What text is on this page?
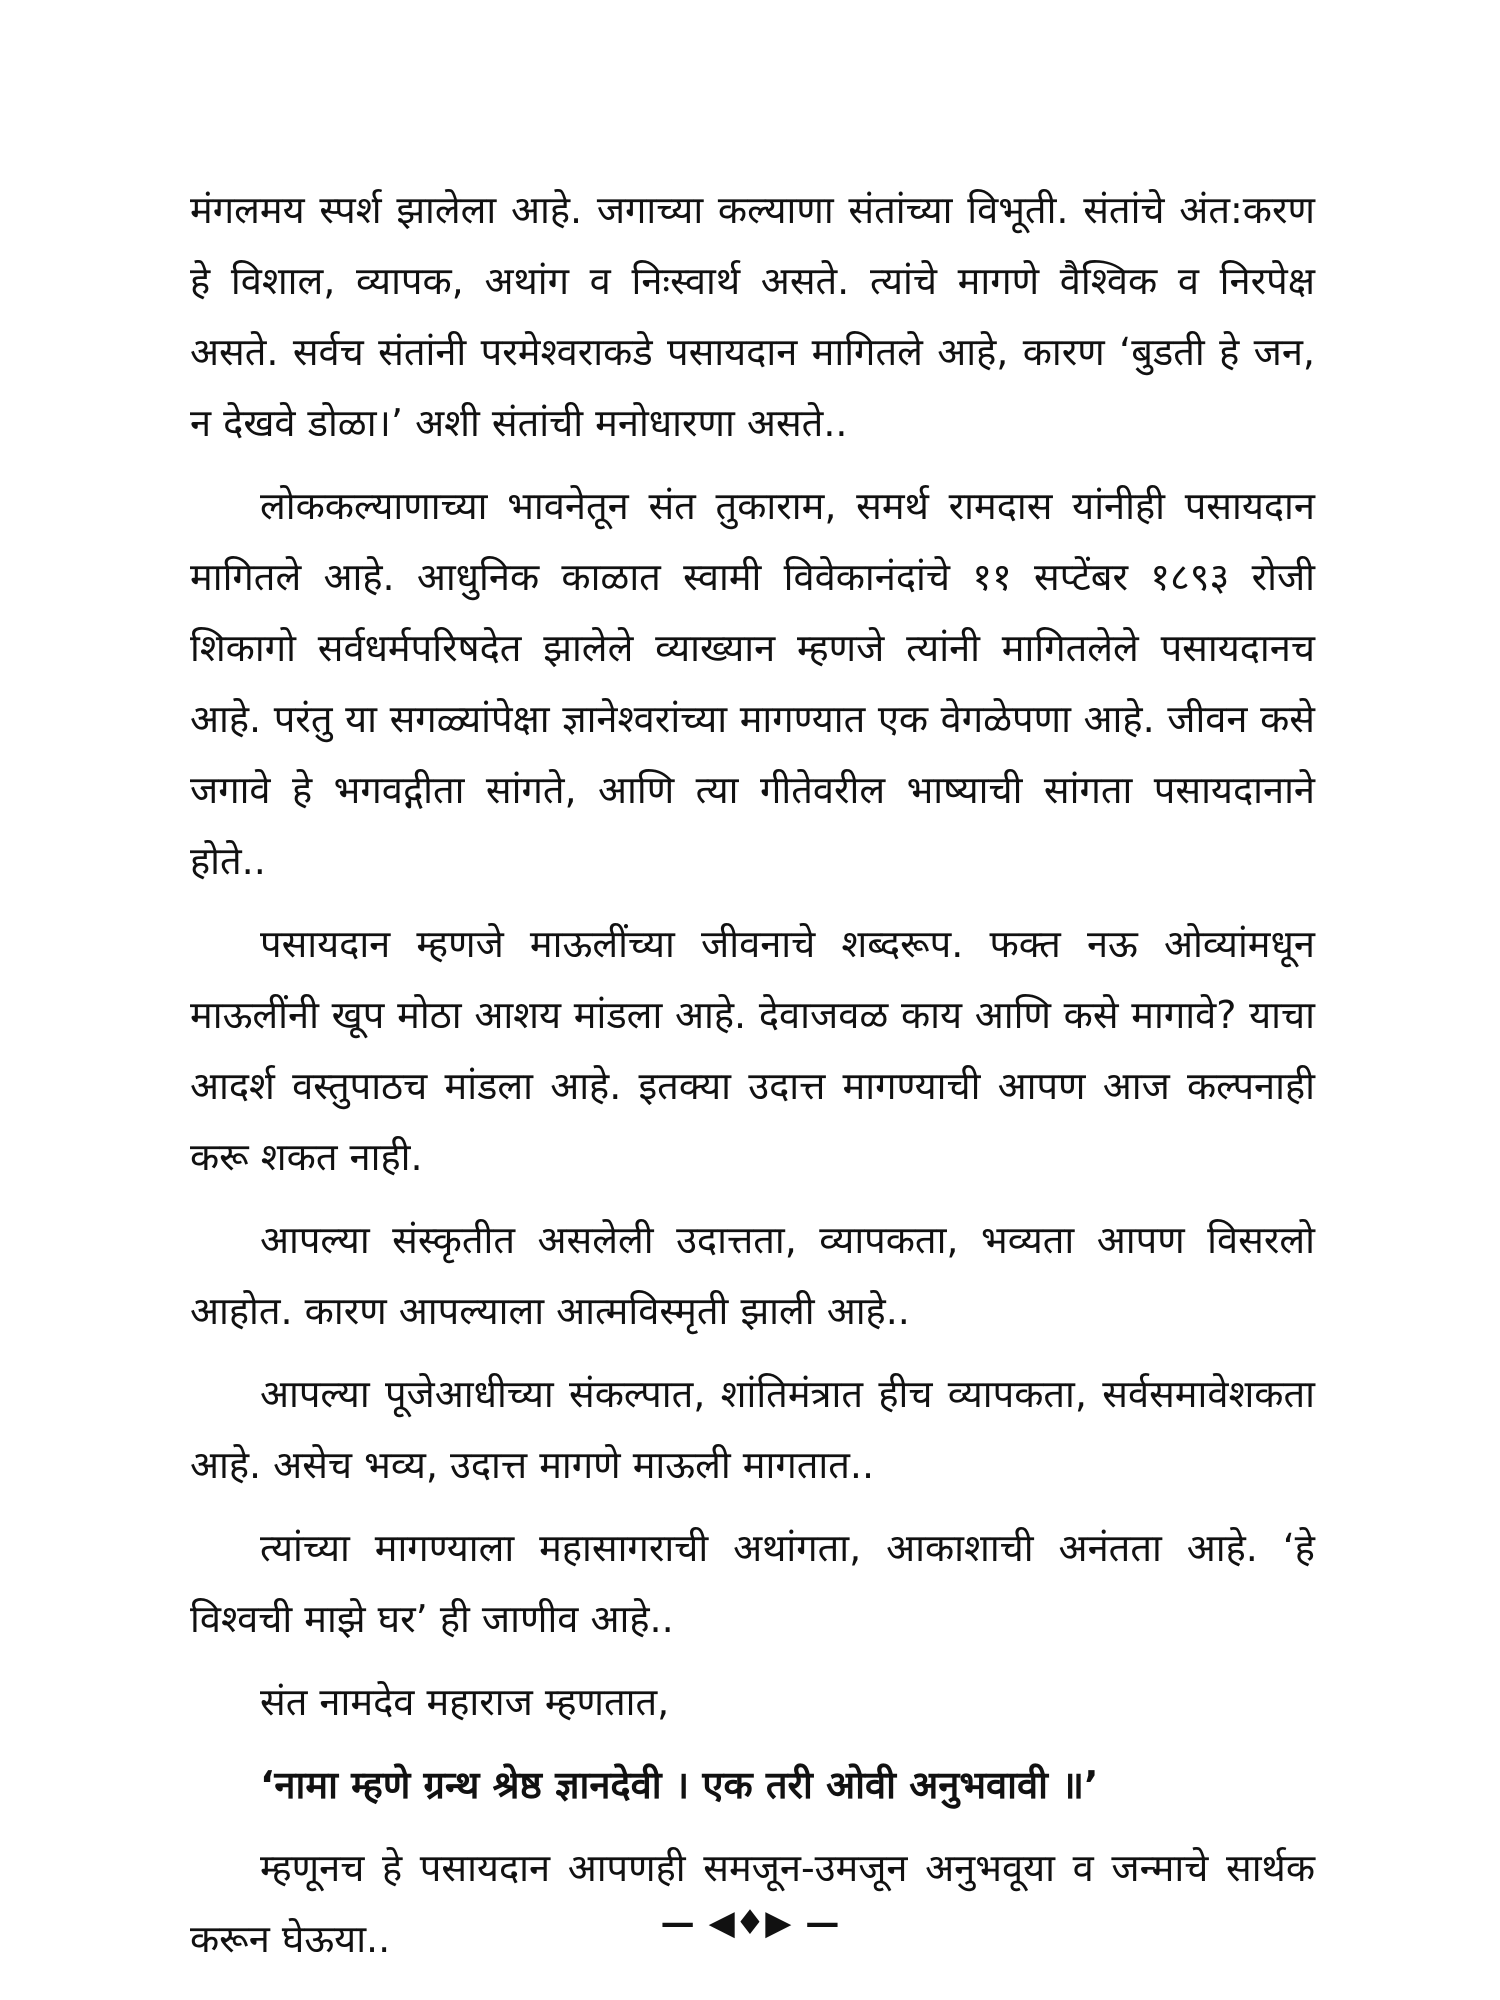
मंगलमय स्पर्श झालेला आहे. जगाच्या कल्याणा संतांच्या विभूती. संतांचे अंत:करण हे विशाल, व्यापक, अथांग व निःस्वार्थ असते. त्यांचे मागणे वैश्विक व निरपेक्ष असते. सर्वच संतांनी परमेश्वराकडे पसायदान मागितले आहे, कारण ‘बुडती हे जन, न देखवे डोळा।’ अशी संतांची मनोधारणा असते..

लोककल्याणाच्या भावनेतून संत तुकाराम, समर्थ रामदास यांनीही पसायदान मागितले आहे. आधुनिक काळात स्वामी विवेकानंदांचे ११ सप्टेंबर १८९३ रोजी शिकागो सर्वधर्मपरिषदेत झालेले व्याख्यान म्हणजे त्यांनी मागितलेले पसायदानच आहे. परंतु या सगळ्यांपेक्षा ज्ञानेश्वरांच्या मागण्यात एक वेगळेपणा आहे. जीवन कसे जगावे हे भगवद्गीता सांगते, आणि त्या गीतेवरील भाष्याची सांगता पसायदानाने होते..

पसायदान म्हणजे माऊलींच्या जीवनाचे शब्दरूप. फक्त नऊ ओव्यांमधून माऊलींनी खूप मोठा आशय मांडला आहे. देवाजवळ काय आणि कसे मागावे? याचा आदर्श वस्तुपाठच मांडला आहे. इतक्या उदात्त मागण्याची आपण आज कल्पनाही करू शकत नाही.

आपल्या संस्कृतीत असलेली उदात्तता, व्यापकता, भव्यता आपण विसरलो आहोत. कारण आपल्याला आत्मविस्मृती झाली आहे..

आपल्या पूजेआधीच्या संकल्पात, शांतिमंत्रात हीच व्यापकता, सर्वसमावेशकता आहे. असेच भव्य, उदात्त मागणे माऊली मागतात..

त्यांच्या मागण्याला महासागराची अथांगता, आकाशाची अनंतता आहे. ‘हे विश्वची माझे घर’ ही जाणीव आहे..

संत नामदेव महाराज म्हणतात,

‘नामा म्हणे ग्रन्थ श्रेष्ठ ज्ञानदेवी । एक तरी ओवी अनुभवावी ॥’

म्हणूनच हे पसायदान आपणही समजून-उमजून अनुभवूया व जन्माचे सार्थक करून घेऊया..	— ◀♦▶ —
